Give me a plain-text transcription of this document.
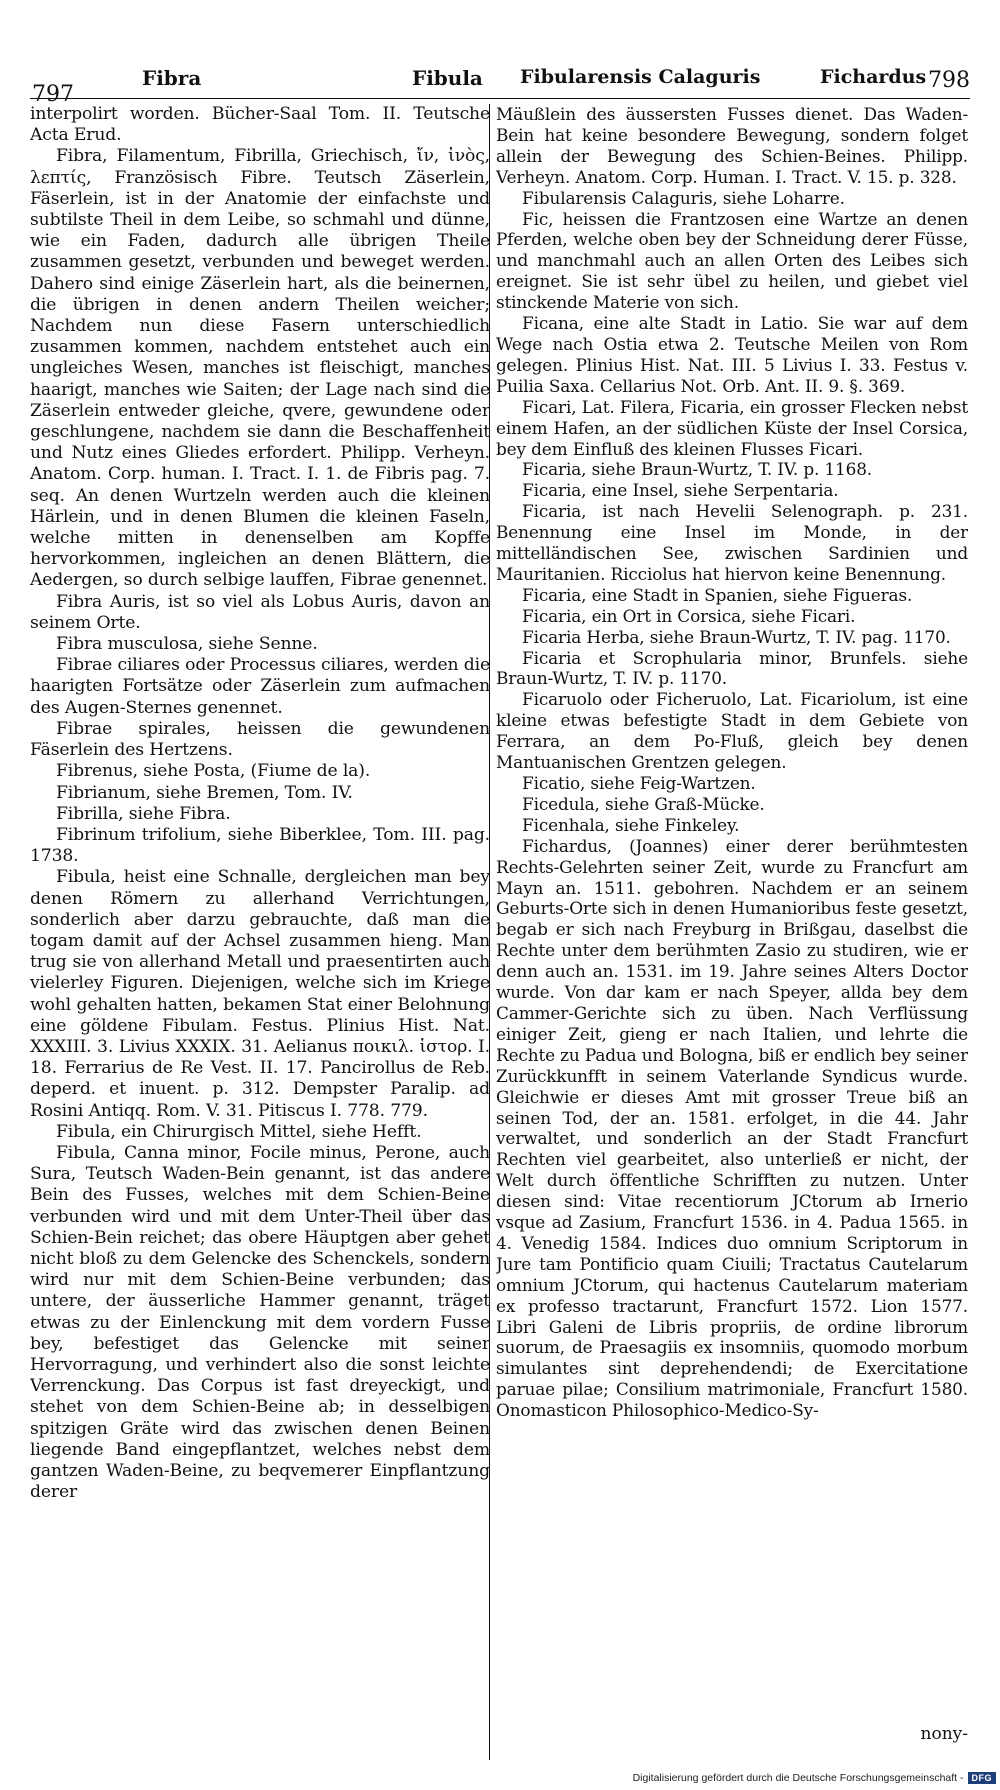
797
Fibra	Fibula Fibularensis Calaguris	Fichardus 798

interpolirt worden. Bücher-Saal Tom. II. Teutsche Acta Erud.

Fibra, Filamentum, Fibrilla, Griechisch, ἴν, ἰνὸς, λεπτίς, Französisch Fibre. Teutsch Zäserlein, Fäserlein, ist in der Anatomie der einfachste und subtilste Theil in dem Leibe, so schmahl und dünne, wie ein Faden, dadurch alle übrigen Theile zusammen gesetzt, verbunden und beweget werden. Dahero sind einige Zäserlein hart, als die beinernen, die übrigen in denen andern Theilen weicher; Nachdem nun diese Fasern unterschiedlich zusammen kommen, nachdem entstehet auch ein ungleiches Wesen, manches ist fleischigt, manches haarigt, manches wie Saiten; der Lage nach sind die Zäserlein entweder gleiche, qvere, gewundene oder geschlungene, nachdem sie dann die Beschaffenheit und Nutz eines Gliedes erfordert. Philipp. Verheyn. Anatom. Corp. human. I. Tract. I. 1. de Fibris pag. 7. seq. An denen Wurtzeln werden auch die kleinen Härlein, und in denen Blumen die kleinen Faseln, welche mitten in denenselben am Kopffe hervorkommen, ingleichen an denen Blättern, die Aedergen, so durch selbige lauffen, Fibrae genennet.

Fibra Auris, ist so viel als Lobus Auris, davon an seinem Orte.

Fibra musculosa, siehe Senne.

Fibrae ciliares oder Processus ciliares, werden die haarigten Fortsätze oder Zäserlein zum aufmachen des Augen-Sternes genennet.

Fibrae spirales, heissen die gewundenen Fäserlein des Hertzens.

Fibrenus, siehe Posta, (Fiume de la).

Fibrianum, siehe Bremen, Tom. IV.

Fibrilla, siehe Fibra.

Fibrinum trifolium, siehe Biberklee, Tom. III. pag. 1738.

Fibula, heist eine Schnalle, dergleichen man bey denen Römern zu allerhand Verrichtungen, sonderlich aber darzu gebrauchte, daß man die togam damit auf der Achsel zusammen hieng. Man trug sie von allerhand Metall und praesentirten auch vielerley Figuren. Diejenigen, welche sich im Kriege wohl gehalten hatten, bekamen Stat einer Belohnung eine göldene Fibulam. Festus. Plinius Hist. Nat. XXXIII. 3. Livius XXXIX. 31. Aelianus ποικιλ. ἱστορ. I. 18. Ferrarius de Re Vest. II. 17. Pancirollus de Reb. deperd. et inuent. p. 312. Dempster Paralip. ad Rosini Antiqq. Rom. V. 31. Pitiscus I. 778. 779.

Fibula, ein Chirurgisch Mittel, siehe Hefft.

Fibula, Canna minor, Focile minus, Perone, auch Sura, Teutsch Waden-Bein genannt, ist das andere Bein des Fusses, welches mit dem Schien-Beine verbunden wird und mit dem Unter-Theil über das Schien-Bein reichet; das obere Häuptgen aber gehet nicht bloß zu dem Gelencke des Schenckels, sondern wird nur mit dem Schien-Beine verbunden; das untere, der äusserliche Hammer genannt, träget etwas zu der Einlenckung mit dem vordern Fusse bey, befestiget das Gelencke mit seiner Hervorragung, und verhindert also die sonst leichte Verrenckung. Das Corpus ist fast dreyeckigt, und stehet von dem Schien-Beine ab; in desselbigen spitzigen Gräte wird das zwischen denen Beinen liegende Band eingepflantzet, welches nebst dem gantzen Waden-Beine, zu beqvemerer Einpflantzung derer

Mäußlein des äussersten Fusses dienet. Das Waden-Bein hat keine besondere Bewegung, sondern folget allein der Bewegung des Schien-Beines. Philipp. Verheyn. Anatom. Corp. Human. I. Tract. V. 15. p. 328.

Fibularensis Calaguris, siehe Loharre.

Fic, heissen die Frantzosen eine Wartze an denen Pferden, welche oben bey der Schneidung derer Füsse, und manchmahl auch an allen Orten des Leibes sich ereignet. Sie ist sehr übel zu heilen, und giebet viel stinckende Materie von sich.

Ficana, eine alte Stadt in Latio. Sie war auf dem Wege nach Ostia etwa 2. Teutsche Meilen von Rom gelegen. Plinius Hist. Nat. III. 5 Livius I. 33. Festus v. Puilia Saxa. Cellarius Not. Orb. Ant. II. 9. §. 369.

Ficari, Lat. Filera, Ficaria, ein grosser Flecken nebst einem Hafen, an der südlichen Küste der Insel Corsica, bey dem Einfluß des kleinen Flusses Ficari.

Ficaria, siehe Braun-Wurtz, T. IV. p. 1168.

Ficaria, eine Insel, siehe Serpentaria.

Ficaria, ist nach Hevelii Selenograph. p. 231. Benennung eine Insel im Monde, in der mittelländischen See, zwischen Sardinien und Mauritanien. Ricciolus hat hiervon keine Benennung.

Ficaria, eine Stadt in Spanien, siehe Figueras.

Ficaria, ein Ort in Corsica, siehe Ficari.

Ficaria Herba, siehe Braun-Wurtz, T. IV. pag. 1170.

Ficaria et Scrophularia minor, Brunfels. siehe Braun-Wurtz, T. IV. p. 1170.

Ficaruolo oder Ficheruolo, Lat. Ficariolum, ist eine kleine etwas befestigte Stadt in dem Gebiete von Ferrara, an dem Po-Fluß, gleich bey denen Mantuanischen Grentzen gelegen.

Ficatio, siehe Feig-Wartzen.

Ficedula, siehe Graß-Mücke.

Ficenhala, siehe Finkeley.

Fichardus, (Joannes) einer derer berühmtesten Rechts-Gelehrten seiner Zeit, wurde zu Francfurt am Mayn an. 1511. gebohren. Nachdem er an seinem Geburts-Orte sich in denen Humanioribus feste gesetzt, begab er sich nach Freyburg in Brißgau, daselbst die Rechte unter dem berühmten Zasio zu studiren, wie er denn auch an. 1531. im 19. Jahre seines Alters Doctor wurde. Von dar kam er nach Speyer, allda bey dem Cammer-Gerichte sich zu üben. Nach Verflüssung einiger Zeit, gieng er nach Italien, und lehrte die Rechte zu Padua und Bologna, biß er endlich bey seiner Zurückkunfft in seinem Vaterlande Syndicus wurde. Gleichwie er dieses Amt mit grosser Treue biß an seinen Tod, der an. 1581. erfolget, in die 44. Jahr verwaltet, und sonderlich an der Stadt Francfurt Rechten viel gearbeitet, also unterließ er nicht, der Welt durch öffentliche Schrifften zu nutzen. Unter diesen sind: Vitae recentiorum JCtorum ab Irnerio vsque ad Zasium, Francfurt 1536. in 4. Padua 1565. in 4. Venedig 1584. Indices duo omnium Scriptorum in Jure tam Pontificio quam Ciuili; Tractatus Cautelarum omnium JCtorum, qui hactenus Cautelarum materiam ex professo tractarunt, Francfurt 1572. Lion 1577. Libri Galeni de Libris propriis, de ordine librorum suorum, de Praesagiis ex insomniis, quomodo morbum simulantes sint deprehendendi; de Exercitatione paruae pilae; Consilium matrimoniale, Francfurt 1580. Onomasticon Philosophico-Medico-Sy-

nony-
Digitalisierung gefördert durch die Deutsche Forschungsgemeinschaft - DFG
